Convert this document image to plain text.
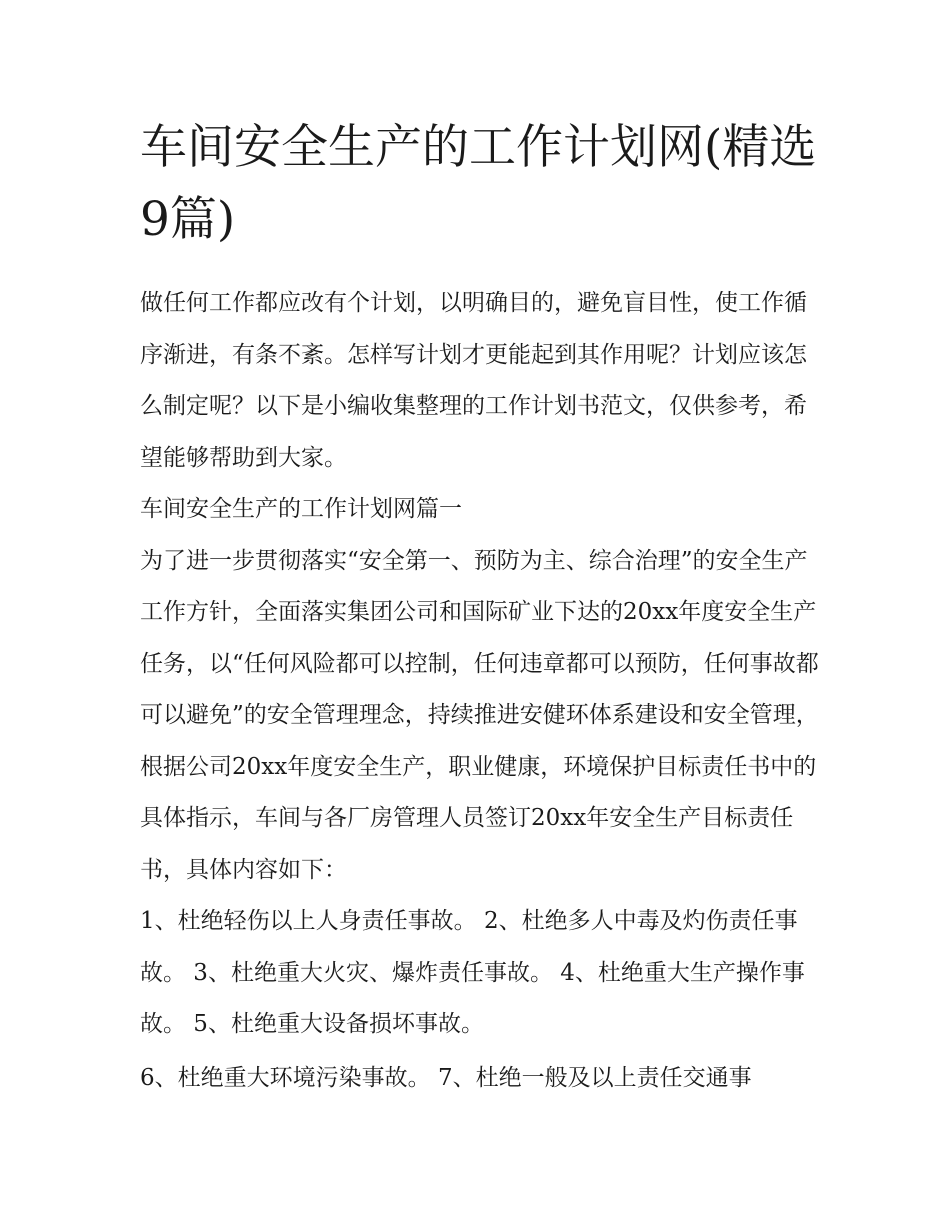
车间安全生产的工作计划网(精选9篇)

做任何工作都应改有个计划，以明确目的，避免盲目性，使工作循序渐进，有条不紊。怎样写计划才更能起到其作用呢？计划应该怎么制定呢？以下是小编收集整理的工作计划书范文，仅供参考，希望能够帮助到大家。

车间安全生产的工作计划网篇一

为了进一步贯彻落实“安全第一、预防为主、综合治理”的安全生产工作方针，全面落实集团公司和国际矿业下达的20xx年度安全生产任务，以“任何风险都可以控制，任何违章都可以预防，任何事故都可以避免”的安全管理理念，持续推进安健环体系建设和安全管理，根据公司20xx年度安全生产，职业健康，环境保护目标责任书中的具体指示，车间与各厂房管理人员签订20xx年安全生产目标责任书，具体内容如下：

1、杜绝轻伤以上人身责任事故。 2、杜绝多人中毒及灼伤责任事故。 3、杜绝重大火灾、爆炸责任事故。 4、杜绝重大生产操作事故。 5、杜绝重大设备损坏事故。

6、杜绝重大环境污染事故。 7、杜绝一般及以上责任交通事
